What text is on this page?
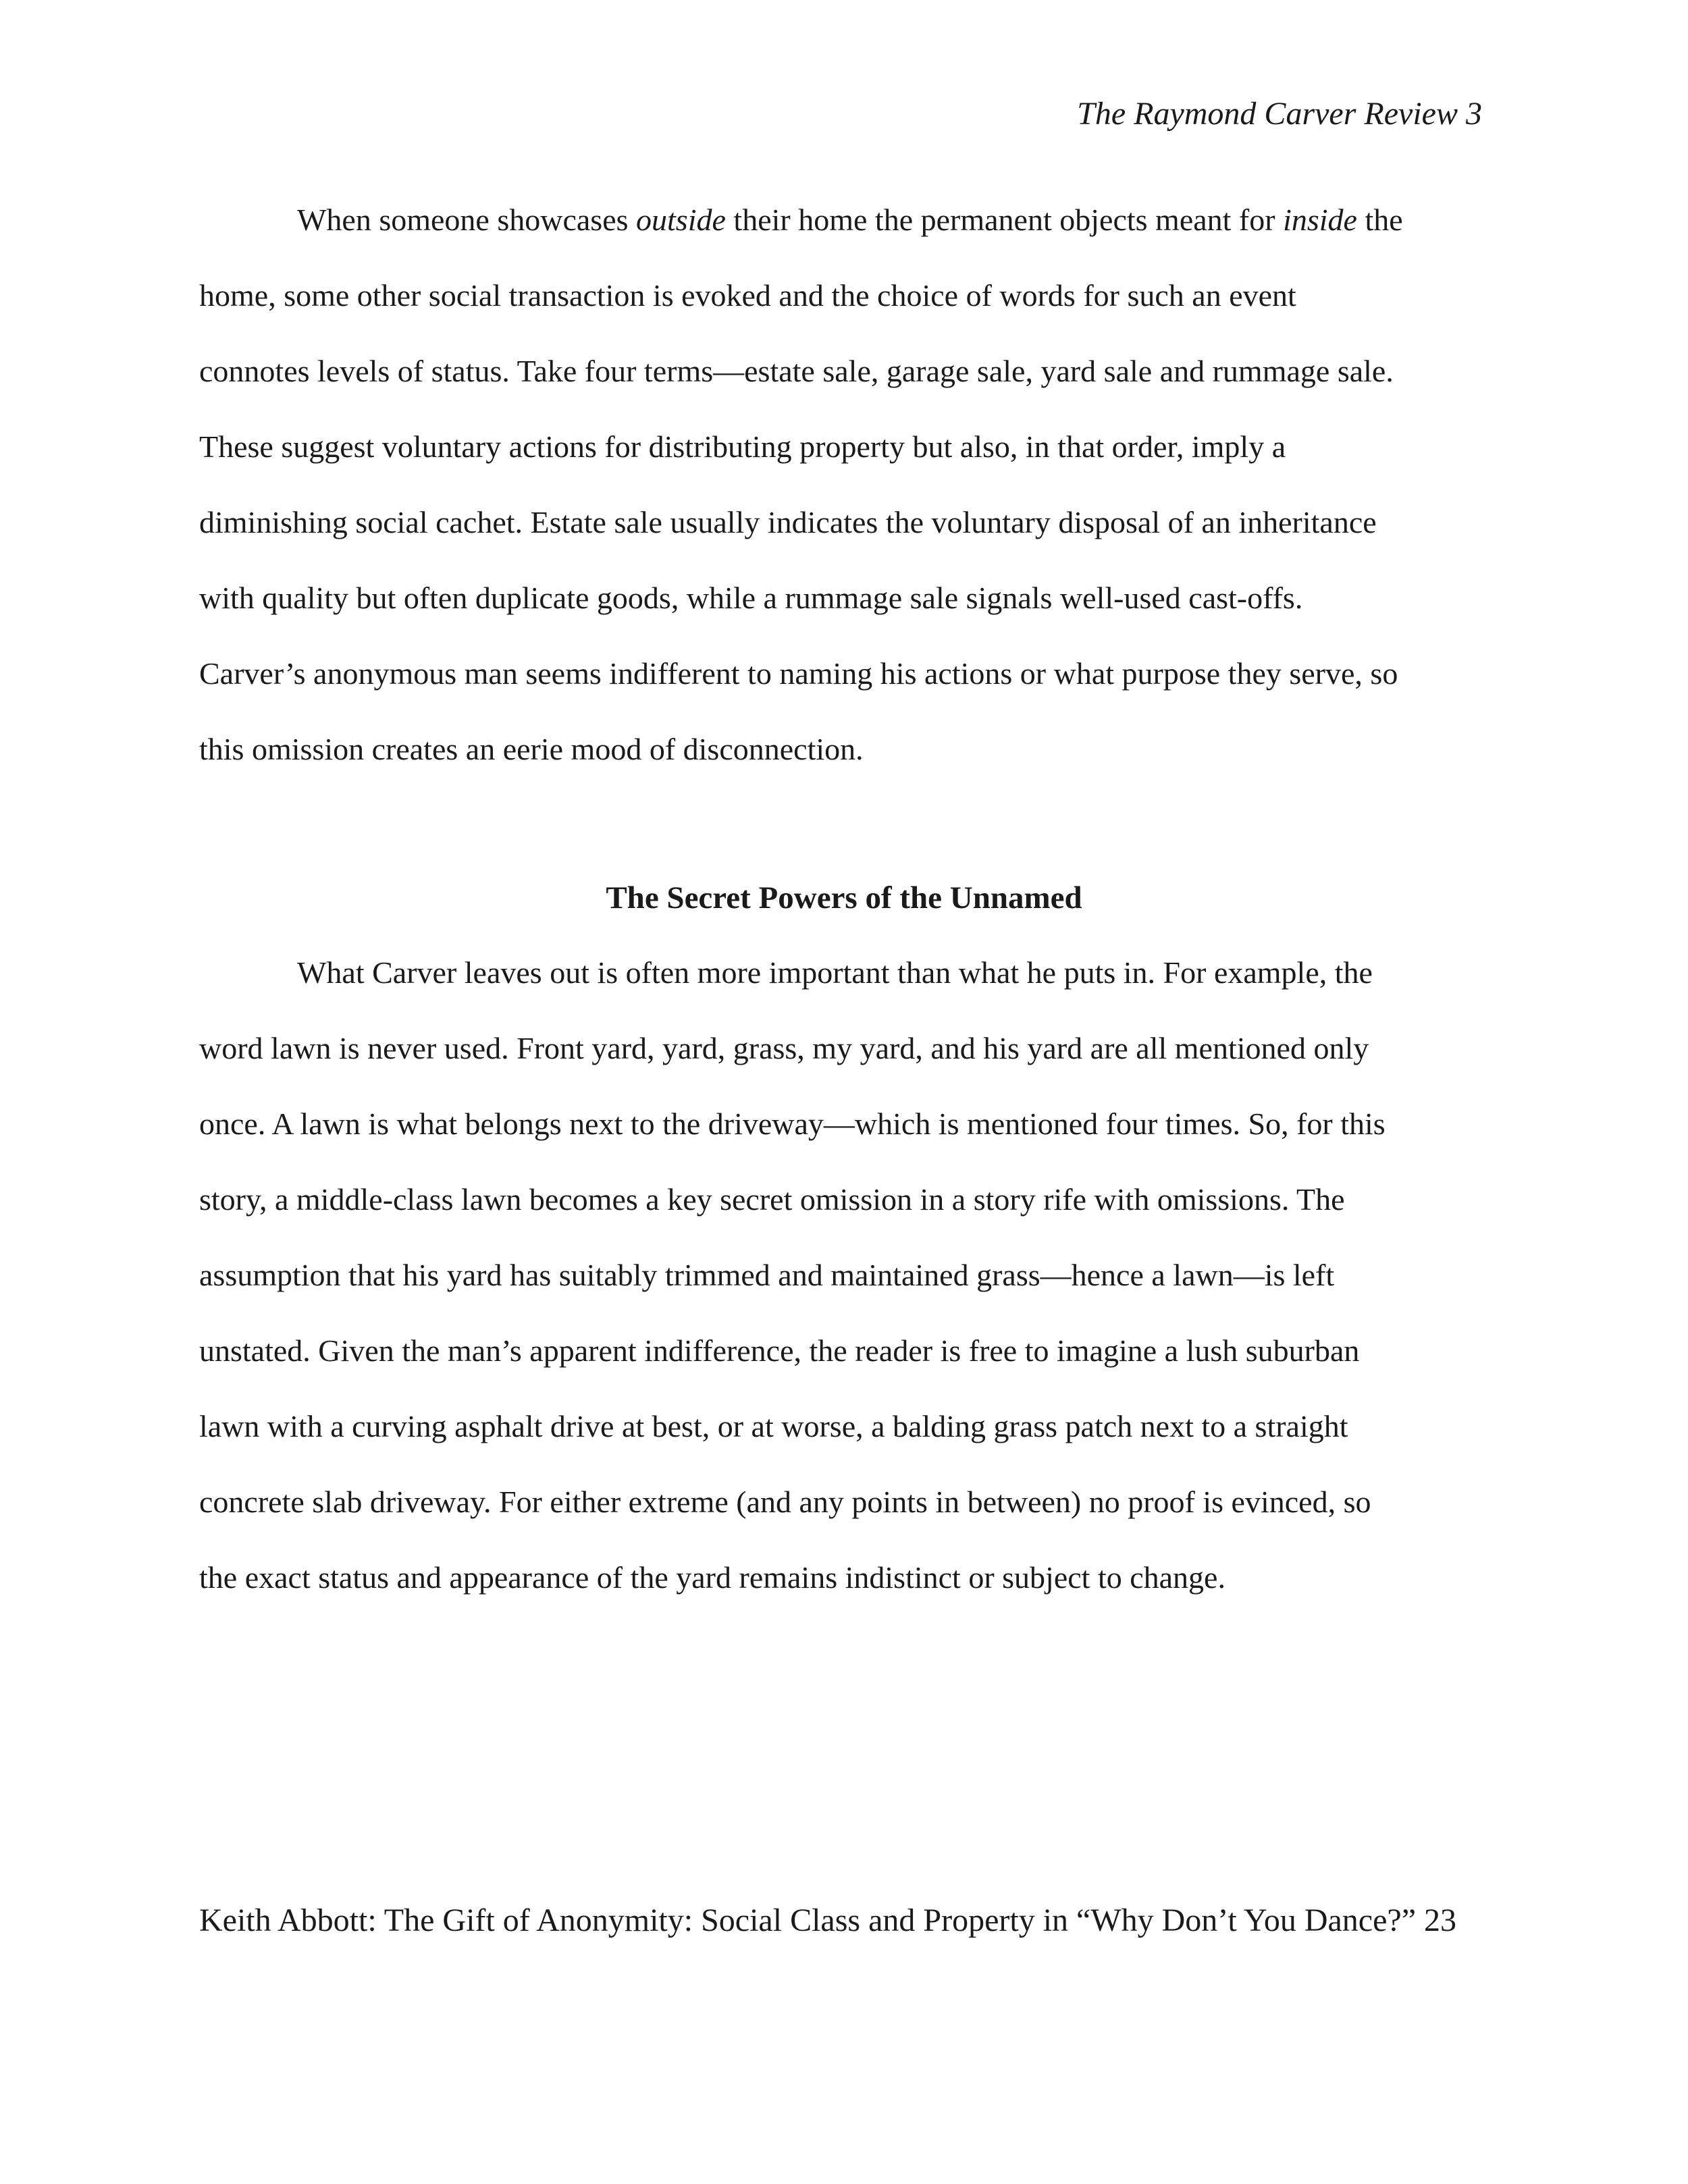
The Raymond Carver Review 3
When someone showcases outside their home the permanent objects meant for inside the
home, some other social transaction is evoked and the choice of words for such an event
connotes levels of status. Take four terms—estate sale, garage sale, yard sale and rummage sale.
These suggest voluntary actions for distributing property but also, in that order, imply a
diminishing social cachet. Estate sale usually indicates the voluntary disposal of an inheritance
with quality but often duplicate goods, while a rummage sale signals well-used cast-offs.
Carver’s anonymous man seems indifferent to naming his actions or what purpose they serve, so
this omission creates an eerie mood of disconnection.
The Secret Powers of the Unnamed
What Carver leaves out is often more important than what he puts in. For example, the
word lawn is never used. Front yard, yard, grass, my yard, and his yard are all mentioned only
once. A lawn is what belongs next to the driveway—which is mentioned four times. So, for this
story, a middle-class lawn becomes a key secret omission in a story rife with omissions. The
assumption that his yard has suitably trimmed and maintained grass—hence a lawn—is left
unstated. Given the man’s apparent indifference, the reader is free to imagine a lush suburban
lawn with a curving asphalt drive at best, or at worse, a balding grass patch next to a straight
concrete slab driveway. For either extreme (and any points in between) no proof is evinced, so
the exact status and appearance of the yard remains indistinct or subject to change.
Keith Abbott: The Gift of Anonymity: Social Class and Property in “Why Don’t You Dance?” 23
